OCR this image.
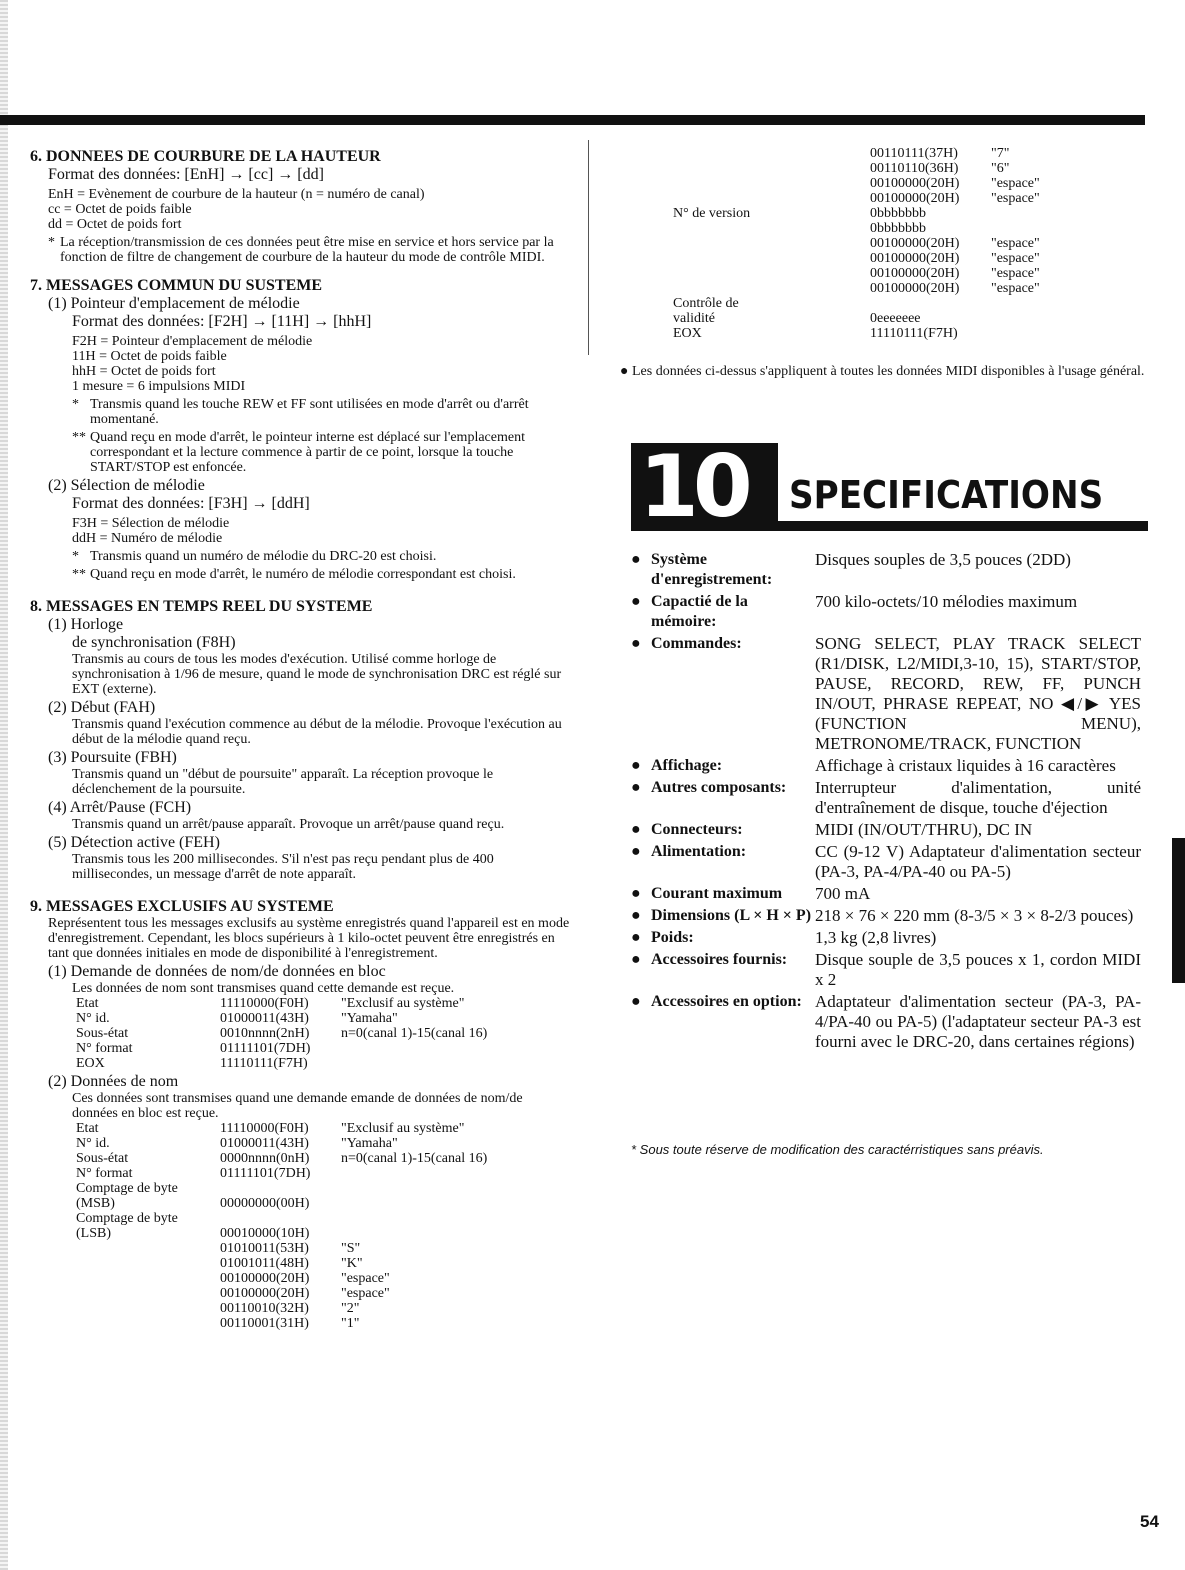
6. DONNEES DE COURBURE DE LA HAUTEUR
Format des données: [EnH] → [cc] → [dd]
EnH = Evènement de courbure de la hauteur (n = numéro de canal)
cc = Octet de poids faible
dd = Octet de poids fort
* La réception/transmission de ces données peut être mise en service et hors service par la fonction de filtre de changement de courbure de la hauteur du mode de contrôle MIDI.
7. MESSAGES COMMUN DU SUSTEME
(1) Pointeur d'emplacement de mélodie
Format des données: [F2H] → [11H] → [hhH]
F2H = Pointeur d'emplacement de mélodie
11H = Octet de poids faible
hhH = Octet de poids fort
1 mesure = 6 impulsions MIDI
* Transmis quand les touche REW et FF sont utilisées en mode d'arrêt ou d'arrêt momentané.
** Quand reçu en mode d'arrêt, le pointeur interne est déplacé sur l'emplacement correspondant et la lecture commence à partir de ce point, lorsque la touche START/STOP est enfoncée.
(2) Sélection de mélodie
Format des données: [F3H] → [ddH]
F3H = Sélection de mélodie
ddH = Numéro de mélodie
* Transmis quand un numéro de mélodie du DRC-20 est choisi.
** Quand reçu en mode d'arrêt, le numéro de mélodie correspondant est choisi.
8. MESSAGES EN TEMPS REEL DU SYSTEME
(1) Horloge
de synchronisation (F8H)
Transmis au cours de tous les modes d'exécution. Utilisé comme horloge de synchronisation à 1/96 de mesure, quand le mode de synchronisation DRC est réglé sur EXT (externe).
(2) Début (FAH)
Transmis quand l'exécution commence au début de la mélodie. Provoque l'exécution au début de la mélodie quand reçu.
(3) Poursuite (FBH)
Transmis quand un "début de poursuite" apparaît. La réception provoque le déclenchement de la poursuite.
(4) Arrêt/Pause (FCH)
Transmis quand un arrêt/pause apparaît. Provoque un arrêt/pause quand reçu.
(5) Détection active (FEH)
Transmis tous les 200 millisecondes. S'il n'est pas reçu pendant plus de 400 millisecondes, un message d'arrêt de note apparaît.
9. MESSAGES EXCLUSIFS AU SYSTEME
Représentent tous les messages exclusifs au système enregistrés quand l'appareil est en mode d'enregistrement. Cependant, les blocs supérieurs à 1 kilo-octet peuvent être enregistrés en tant que données initiales en mode de disponibilité à l'enregistrement.
(1) Demande de données de nom/de données en bloc
Les données de nom sont transmises quand cette demande est reçue.
Etat	11110000(F0H)	"Exclusif au système"
N° id.	01000011(43H)	"Yamaha"
Sous-état	0010nnnn(2nH)	n=0(canal 1)-15(canal 16)
N° format	01111101(7DH)	
EOX	11110111(F7H)	
(2) Données de nom
Ces données sont transmises quand une demande emande de données de nom/de données en bloc est reçue.
Etat	11110000(F0H)	"Exclusif au système"
N° id.	01000011(43H)	"Yamaha"
Sous-état	0000nnnn(0nH)	n=0(canal 1)-15(canal 16)
N° format	01111101(7DH)	
Comptage de byte		
(MSB)	00000000(00H)	
Comptage de byte		
(LSB)	00010000(10H)	
	01010011(53H)	"S"
	01001011(48H)	"K"
	00100000(20H)	"espace"
	00100000(20H)	"espace"
	00110010(32H)	"2"
	00110001(31H)	"1"
	00110111(37H)	"7"
	00110110(36H)	"6"
	00100000(20H)	"espace"
	00100000(20H)	"espace"
N° de version	0bbbbbbb	
	0bbbbbbb	
	00100000(20H)	"espace"
	00100000(20H)	"espace"
	00100000(20H)	"espace"
	00100000(20H)	"espace"
Contrôle de		
validité	0eeeeeee	
EOX	11110111(F7H)	
● Les données ci-dessus s'appliquent à toutes les données MIDI disponibles à l'usage général.
10	SPECIFICATIONS
● Système d'enregistrement:
Disques souples de 3,5 pouces (2DD)
● Capactié de la mémoire:
700 kilo-octets/10 mélodies maximum
● Commandes:	SONG SELECT, PLAY TRACK SELECT (R1/DISK, L2/MIDI,3-10, 15), START/STOP, PAUSE, RECORD, REW, FF, PUNCH IN/OUT, PHRASE REPEAT, NO ◀/▶ YES (FUNCTION MENU), METRONOME/TRACK, FUNCTION
● Affichage:	Affichage à cristaux liquides à 16 caractères
● Autres composants: Interrupteur d'alimentation, unité d'entraînement de disque, touche d'éjection
● Connecteurs:	MIDI (IN/OUT/THRU), DC IN
● Alimentation:	CC (9-12 V) Adaptateur d'alimentation secteur (PA-3, PA-4/PA-40 ou PA-5)
● Courant maximum 700 mA
● Dimensions (L × H × P) 218 × 76 × 220 mm (8-3/5 × 3 × 8-2/3 pouces)
● Poids:	1,3 kg (2,8 livres)
● Accessoires fournis: Disque souple de 3,5 pouces x 1, cordon MIDI x 2
● Accessoires en option: Adaptateur d'alimentation secteur (PA-3, PA-4/PA-40 ou PA-5) (l'adaptateur secteur PA-3 est fourni avec le DRC-20, dans certaines régions)
* Sous toute réserve de modification des caractérristiques sans préavis.
54
